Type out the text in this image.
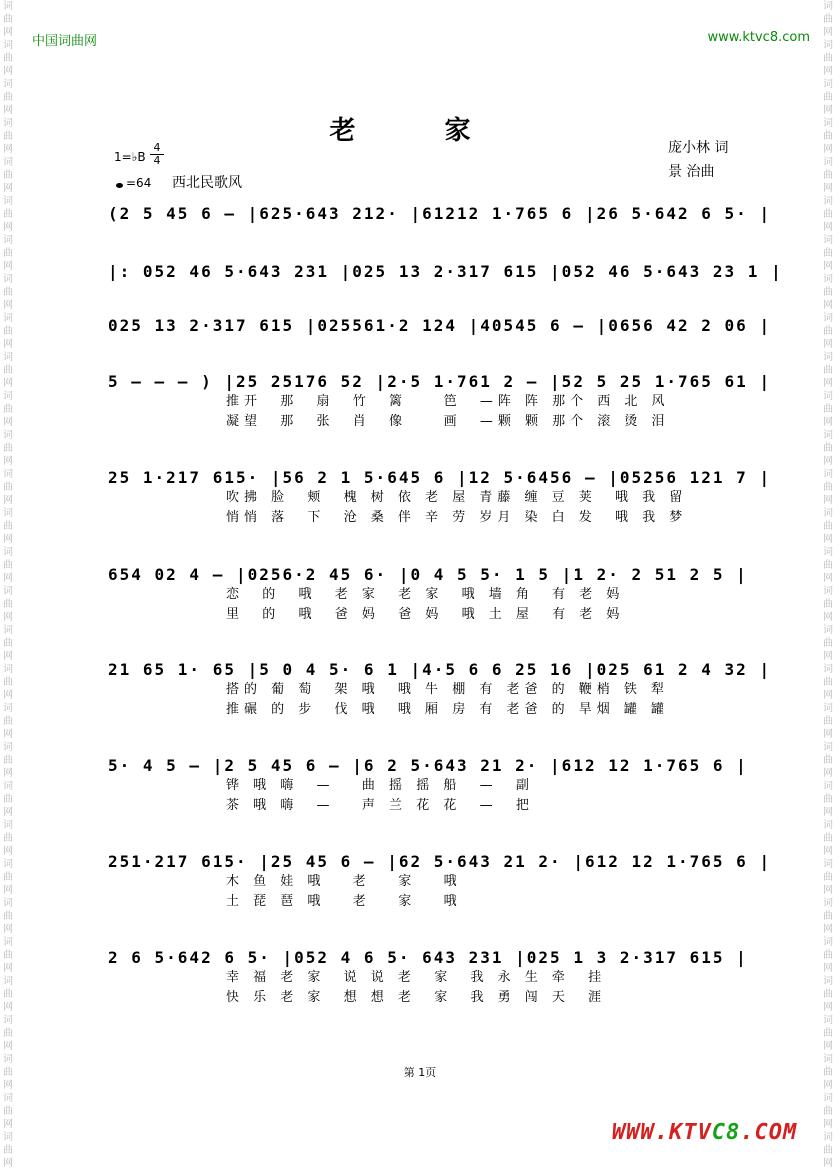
词曲网
词曲网
词曲网
词曲网
词曲网
词曲网
词曲网
词曲网
词曲网
词曲网
词曲网
词曲网
词曲网
词曲网
词曲网
词曲网
词曲网
词曲网
词曲网
词曲网
词曲网
词曲网
词曲网
词曲网
词曲网
词曲网
词曲网
词曲网
词曲网
词曲网
词曲网
词曲网
词曲网
词曲网
词曲网
词曲网
词曲网
词曲网
词曲网
词曲网
词曲网
词曲网
词曲网
词曲网
词曲网
词曲网
词曲网
词曲网
词曲网
词曲网
词曲网
词曲网
词曲网
词曲网
词曲网
词曲网
词曲网
词曲网
词曲网
词曲网
中国词曲网	www.ktvc8.com
老 家
庞小林 词
景 治曲
1=♭B
4
4
=64 西北民歌风
(2 5 45 6 — |625·643 212· |61212 1·765 6 |26 5·642 6 5· |
|: 052 46 5·643 231 |025 13 2·317 615 |052 46 5·643 23 1 |
025 13 2·317 615 |025561·2 124 |40545 6 — |0656 42 2 06 |
5 — — — ) |25 25176 52 |2·5 1·761 2 — |52 5 25 1·765 61 |
推开  那  扇  竹  篱    笆  —阵 阵 那个 西 北 风
凝望  那  张  肖  像    画  —颗 颗 那个 滚 烫 泪
25 1·217 615· |56 2 1 5·645 6 |12 5·6456 — |05256 121 7 |
吹拂 脸  颊  槐 树 依 老 屋 青藤 缠 豆 荚  哦 我 留
悄悄 落  下  沧 桑 伴 辛 劳 岁月 染 白 发  哦 我 梦
654 02 4 — |0256·2 45 6· |0 4 5 5· 1 5 |1 2· 2 51 2 5 |
恋  的  哦  老 家  老 家  哦 墙 角  有 老 妈
里  的  哦  爸 妈  爸 妈  哦 土 屋  有 老 妈
21 65 1· 65 |5 0 4 5· 6 1 |4·5 6 6 25 16 |025 61 2 4 32 |
搭的 葡 萄  架 哦  哦 牛 棚 有 老爸 的 鞭梢 铁 犁
推碾 的 步  伐 哦  哦 厢 房 有 老爸 的 旱烟 罐 罐
5· 4 5 — |2 5 45 6 — |6 2 5·643 21 2· |612 12 1·765 6 |
铧 哦 嗨  —   曲 摇 摇 船  —  副
茶 哦 嗨  —   声 兰 花 花  —  把
251·217 615· |25 45 6 — |62 5·643 21 2· |612 12 1·765 6 |
木 鱼 娃 哦   老   家   哦
土 琵 琶 哦   老   家   哦
2 6 5·642 6 5· |052 4 6 5· 643 231 |025 1 3 2·317 615 |
幸 福 老 家  说 说 老  家  我 永 生 牵  挂
快 乐 老 家  想 想 老  家  我 勇 闯 天  涯
第 1页
WWW.KTVC8.COM
